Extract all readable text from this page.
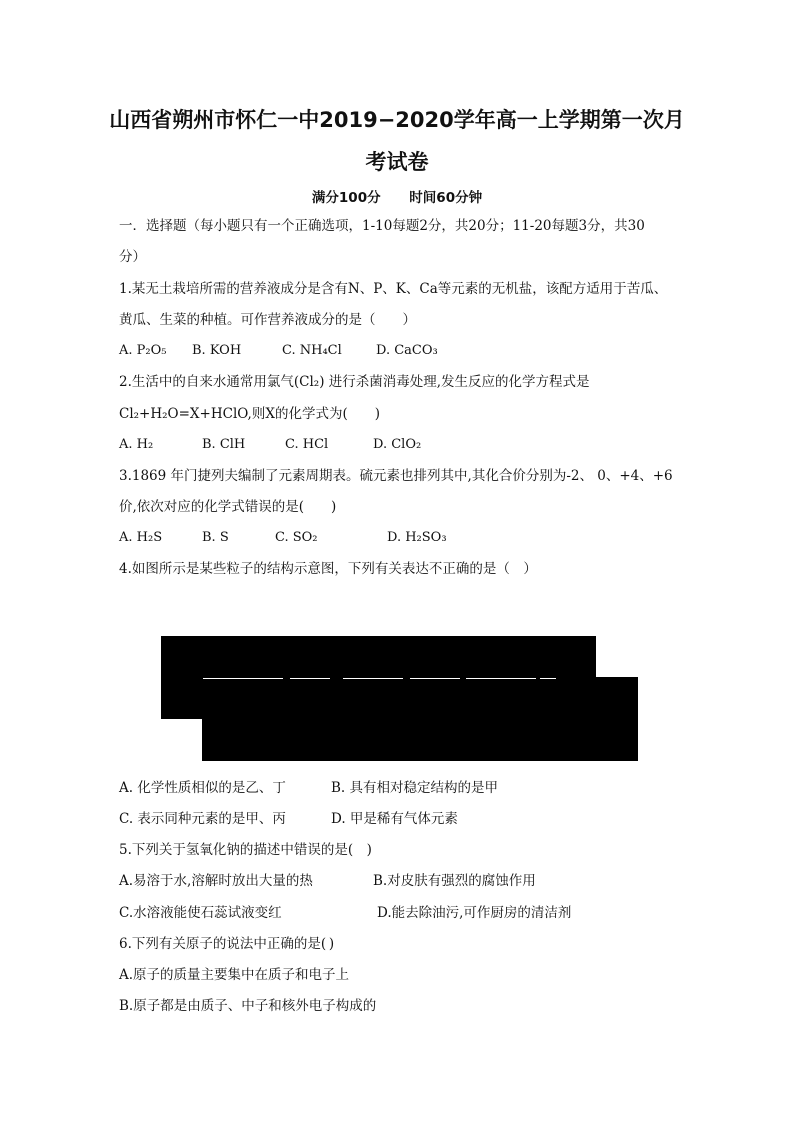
山西省朔州市怀仁一中2019−2020学年高一上学期第一次月
考试卷
满分100分 时间60分钟
一．选择题（每小题只有一个正确选项，1-10每题2分，共20分；11-20每题3分，共30
分）
1.某无土栽培所需的营养液成分是含有N、P、K、Ca等元素的无机盐，该配方适用于苦瓜、
黄瓜、生菜的种植。可作营养液成分的是（　　）
A. P₂O₅ B. KOH	C. NH₄Cl	D. CaCO₃
2.生活中的自来水通常用氯气(Cl₂) 进行杀菌消毒处理,发生反应的化学方程式是
Cl₂+H₂O=X+HClO,则X的化学式为(　　)
A. H₂	B. ClH	C. HCl	D. ClO₂
3.1869 年门捷列夫编制了元素周期表。硫元素也排列其中,其化合价分别为-2、 0、+4、+6
价,依次对应的化学式错误的是(　　)
A. H₂S	B. S	C. SO₂	D. H₂SO₃
4.如图所示是某些粒子的结构示意图，下列有关表达不正确的是（　）
A. 化学性质相似的是乙、丁	B. 具有相对稳定结构的是甲
C. 表示同种元素的是甲、丙	D. 甲是稀有气体元素
5.下列关于氢氧化钠的描述中错误的是(　)
A.易溶于水,溶解时放出大量的热	B.对皮肤有强烈的腐蚀作用
C.水溶液能使石蕊试液变红	D.能去除油污,可作厨房的清洁剂
6.下列有关原子的说法中正确的是( )
A.原子的质量主要集中在质子和电子上
B.原子都是由质子、中子和核外电子构成的
